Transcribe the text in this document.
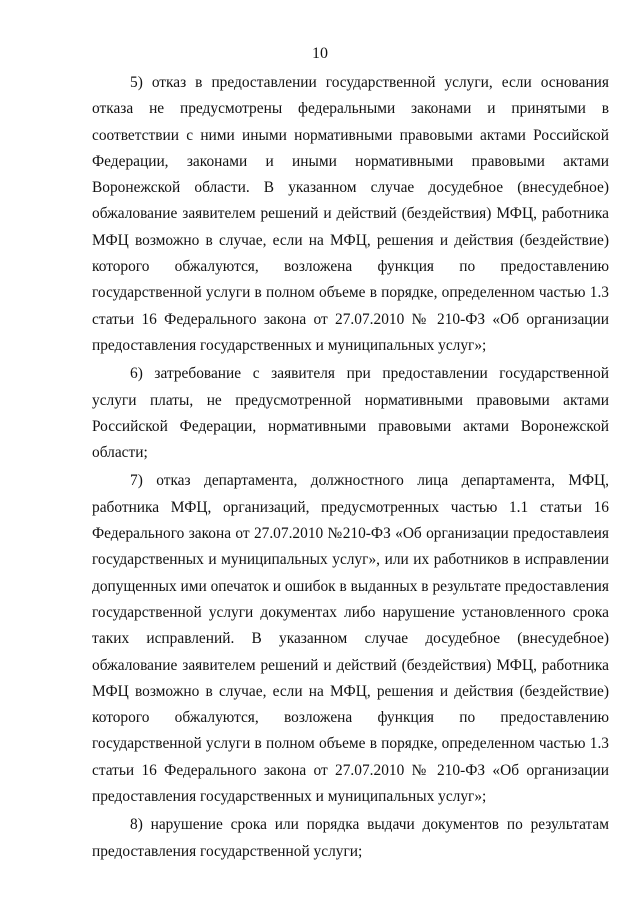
10

5) отказ в предоставлении государственной услуги, если основания отказа не предусмотрены федеральными законами и принятыми в соответствии с ними иными нормативными правовыми актами Российской Федерации, законами и иными нормативными правовыми актами Воронежской области. В указанном случае досудебное (внесудебное) обжалование заявителем решений и действий (бездействия) МФЦ, работника МФЦ возможно в случае, если на МФЦ, решения и действия (бездействие) которого обжалуются, возложена функция по предоставлению государственной услуги в полном объеме в порядке, определенном частью 1.3 статьи 16 Федерального закона от 27.07.2010 № 210-ФЗ «Об организации предоставления государственных и муниципальных услуг»;

6) затребование с заявителя при предоставлении государственной услуги платы, не предусмотренной нормативными правовыми актами Российской Федерации, нормативными правовыми актами Воронежской области;

7) отказ департамента, должностного лица департамента, МФЦ, работника МФЦ, организаций, предусмотренных частью 1.1 статьи 16 Федерального закона от 27.07.2010 №210-ФЗ «Об организации предоставлеия государственных и муниципальных услуг», или их работников в исправлении допущенных ими опечаток и ошибок в выданных в результате предоставления государственной услуги документах либо нарушение установленного срока таких исправлений. В указанном случае досудебное (внесудебное) обжалование заявителем решений и действий (бездействия) МФЦ, работника МФЦ возможно в случае, если на МФЦ, решения и действия (бездействие) которого обжалуются, возложена функция по предоставлению государственной услуги в полном объеме в порядке, определенном частью 1.3 статьи 16 Федерального закона от 27.07.2010 № 210-ФЗ «Об организации предоставления государственных и муниципальных услуг»;

8) нарушение срока или порядка выдачи документов по результатам предоставления государственной услуги;
